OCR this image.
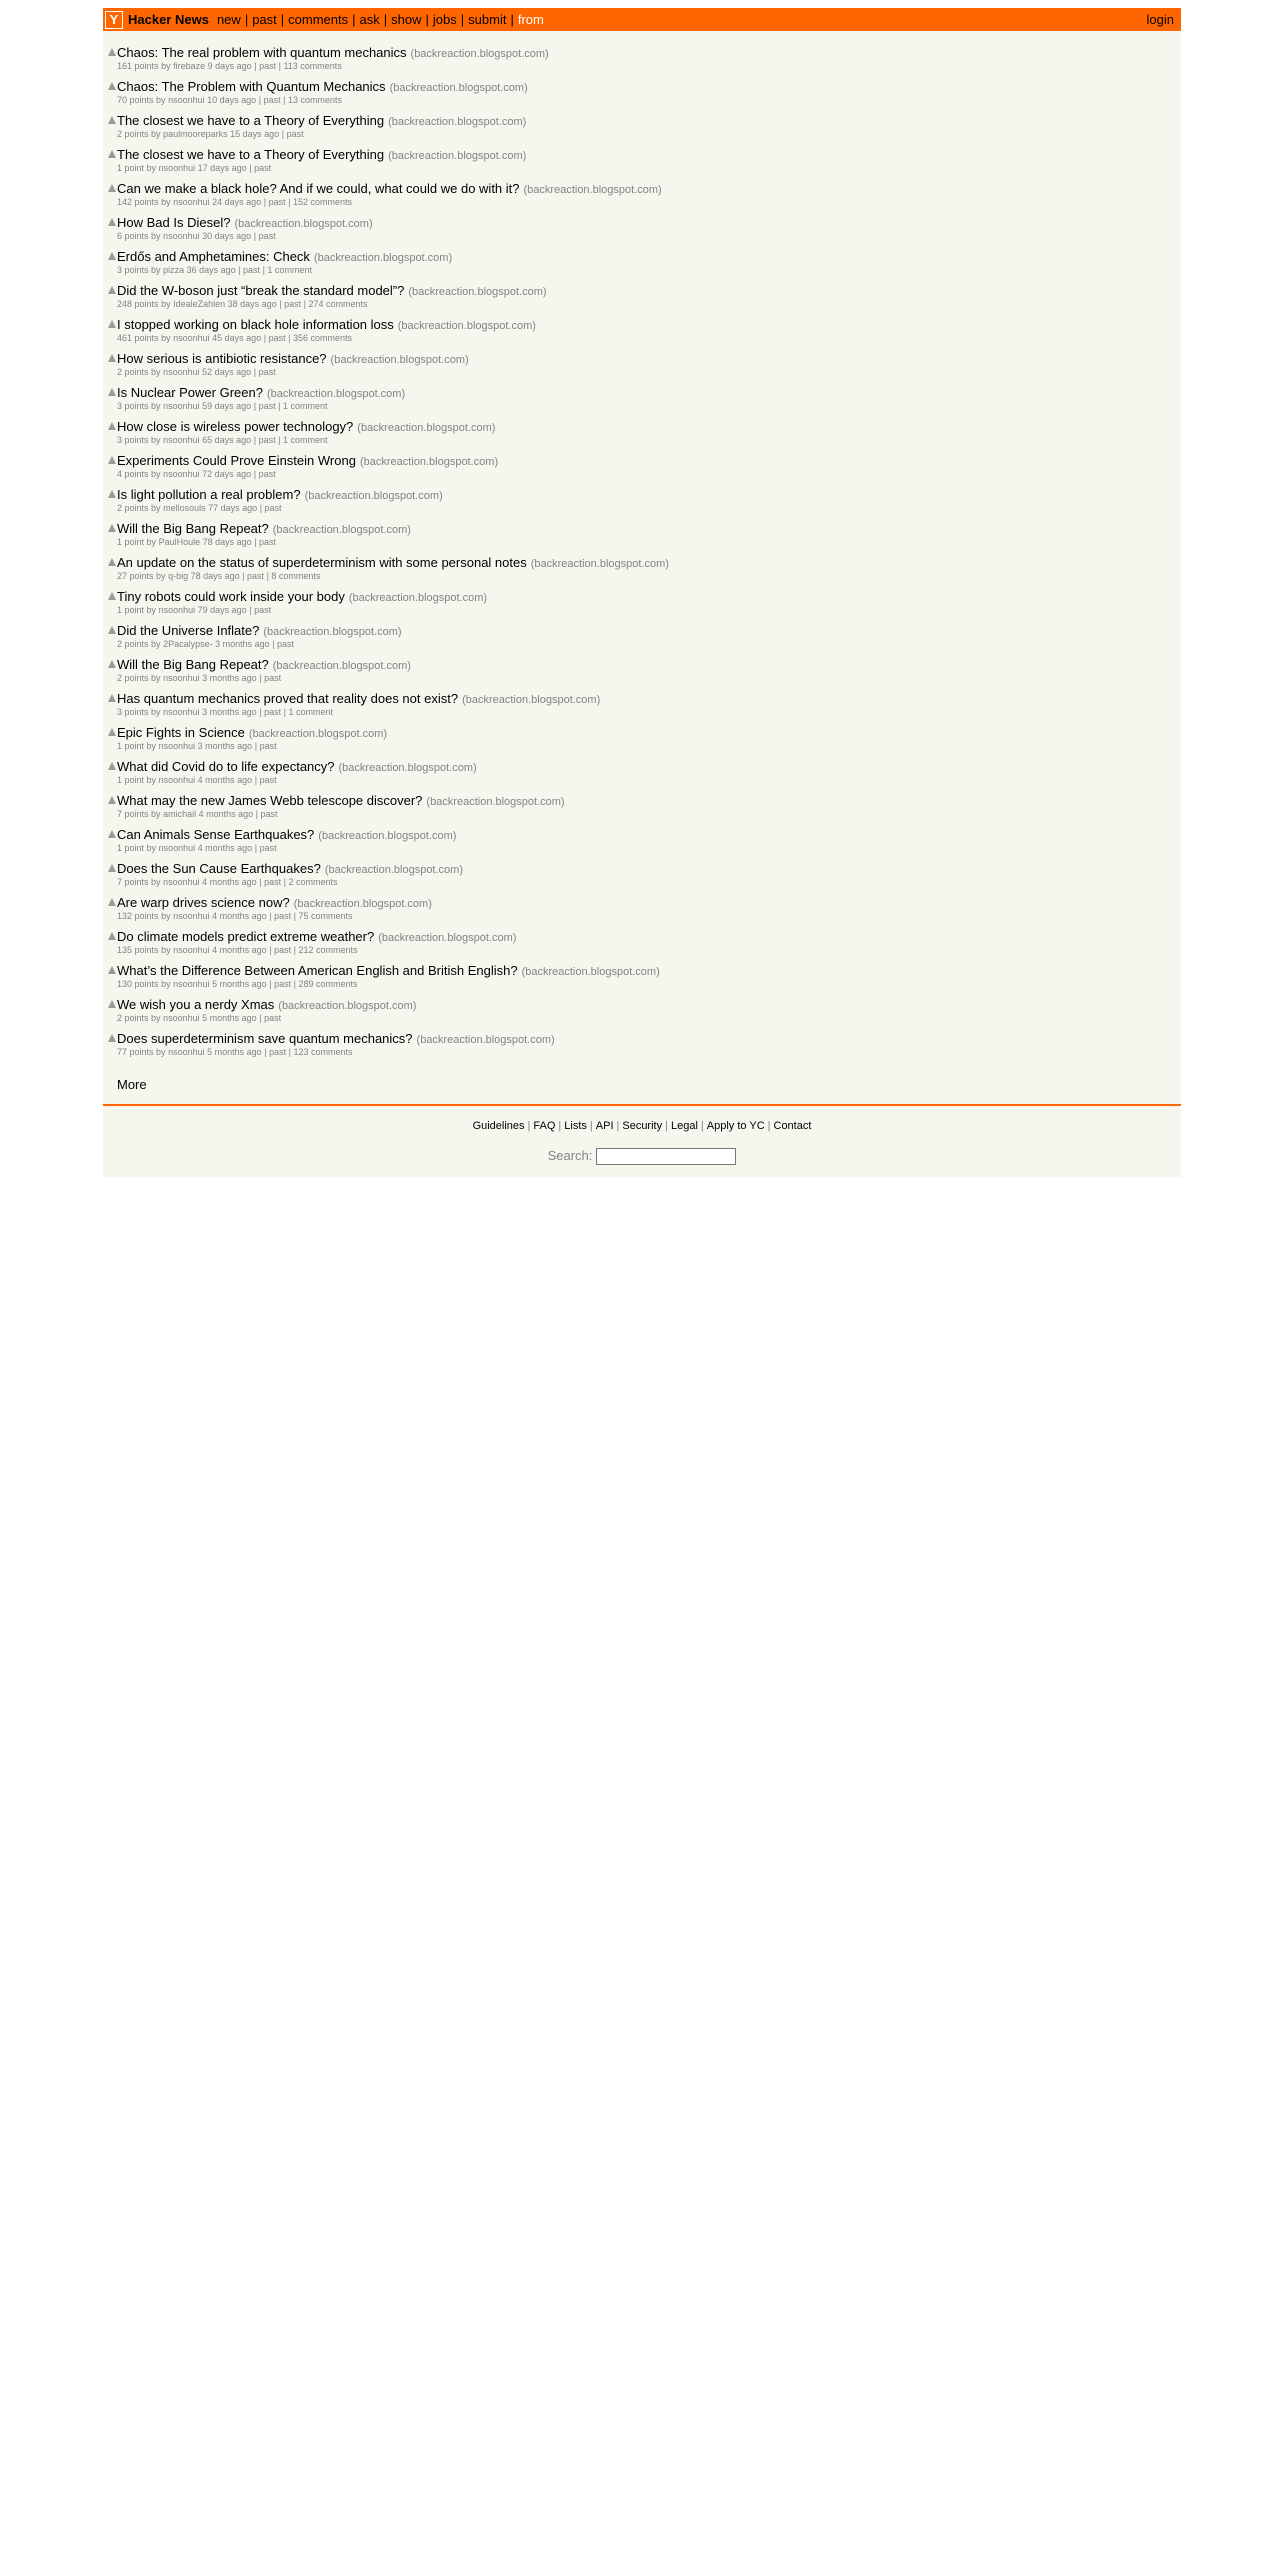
Y Hacker News new | past | comments | ask | show | jobs | submit | from	login
Chaos: The real problem with quantum mechanics (backreaction.blogspot.com)
161 points by firebaze 9 days ago | past | 113 comments
Chaos: The Problem with Quantum Mechanics (backreaction.blogspot.com)
70 points by nsoonhui 10 days ago | past | 13 comments
The closest we have to a Theory of Everything (backreaction.blogspot.com)
2 points by paulmooreparks 15 days ago | past
The closest we have to a Theory of Everything (backreaction.blogspot.com)
1 point by nsoonhui 17 days ago | past
Can we make a black hole? And if we could, what could we do with it? (backreaction.blogspot.com)
142 points by nsoonhui 24 days ago | past | 152 comments
How Bad Is Diesel? (backreaction.blogspot.com)
6 points by nsoonhui 30 days ago | past
Erdős and Amphetamines: Check (backreaction.blogspot.com)
3 points by pizza 36 days ago | past | 1 comment
Did the W-boson just “break the standard model”? (backreaction.blogspot.com)
248 points by IdealeZahlen 38 days ago | past | 274 comments
I stopped working on black hole information loss (backreaction.blogspot.com)
461 points by nsoonhui 45 days ago | past | 356 comments
How serious is antibiotic resistance? (backreaction.blogspot.com)
2 points by nsoonhui 52 days ago | past
Is Nuclear Power Green? (backreaction.blogspot.com)
3 points by nsoonhui 59 days ago | past | 1 comment
How close is wireless power technology? (backreaction.blogspot.com)
3 points by nsoonhui 65 days ago | past | 1 comment
Experiments Could Prove Einstein Wrong (backreaction.blogspot.com)
4 points by nsoonhui 72 days ago | past
Is light pollution a real problem? (backreaction.blogspot.com)
2 points by mellosouls 77 days ago | past
Will the Big Bang Repeat? (backreaction.blogspot.com)
1 point by PaulHoule 78 days ago | past
An update on the status of superdeterminism with some personal notes (backreaction.blogspot.com)
27 points by q-big 78 days ago | past | 8 comments
Tiny robots could work inside your body (backreaction.blogspot.com)
1 point by nsoonhui 79 days ago | past
Did the Universe Inflate? (backreaction.blogspot.com)
2 points by 2Pacalypse- 3 months ago | past
Will the Big Bang Repeat? (backreaction.blogspot.com)
2 points by nsoonhui 3 months ago | past
Has quantum mechanics proved that reality does not exist? (backreaction.blogspot.com)
3 points by nsoonhui 3 months ago | past | 1 comment
Epic Fights in Science (backreaction.blogspot.com)
1 point by nsoonhui 3 months ago | past
What did Covid do to life expectancy? (backreaction.blogspot.com)
1 point by nsoonhui 4 months ago | past
What may the new James Webb telescope discover? (backreaction.blogspot.com)
7 points by amichail 4 months ago | past
Can Animals Sense Earthquakes? (backreaction.blogspot.com)
1 point by nsoonhui 4 months ago | past
Does the Sun Cause Earthquakes? (backreaction.blogspot.com)
7 points by nsoonhui 4 months ago | past | 2 comments
Are warp drives science now? (backreaction.blogspot.com)
132 points by nsoonhui 4 months ago | past | 75 comments
Do climate models predict extreme weather? (backreaction.blogspot.com)
135 points by nsoonhui 4 months ago | past | 212 comments
What’s the Difference Between American English and British English? (backreaction.blogspot.com)
130 points by nsoonhui 5 months ago | past | 289 comments
We wish you a nerdy Xmas (backreaction.blogspot.com)
2 points by nsoonhui 5 months ago | past
Does superdeterminism save quantum mechanics? (backreaction.blogspot.com)
77 points by nsoonhui 5 months ago | past | 123 comments
More
Guidelines | FAQ | Lists | API | Security | Legal | Apply to YC | Contact
Search:
